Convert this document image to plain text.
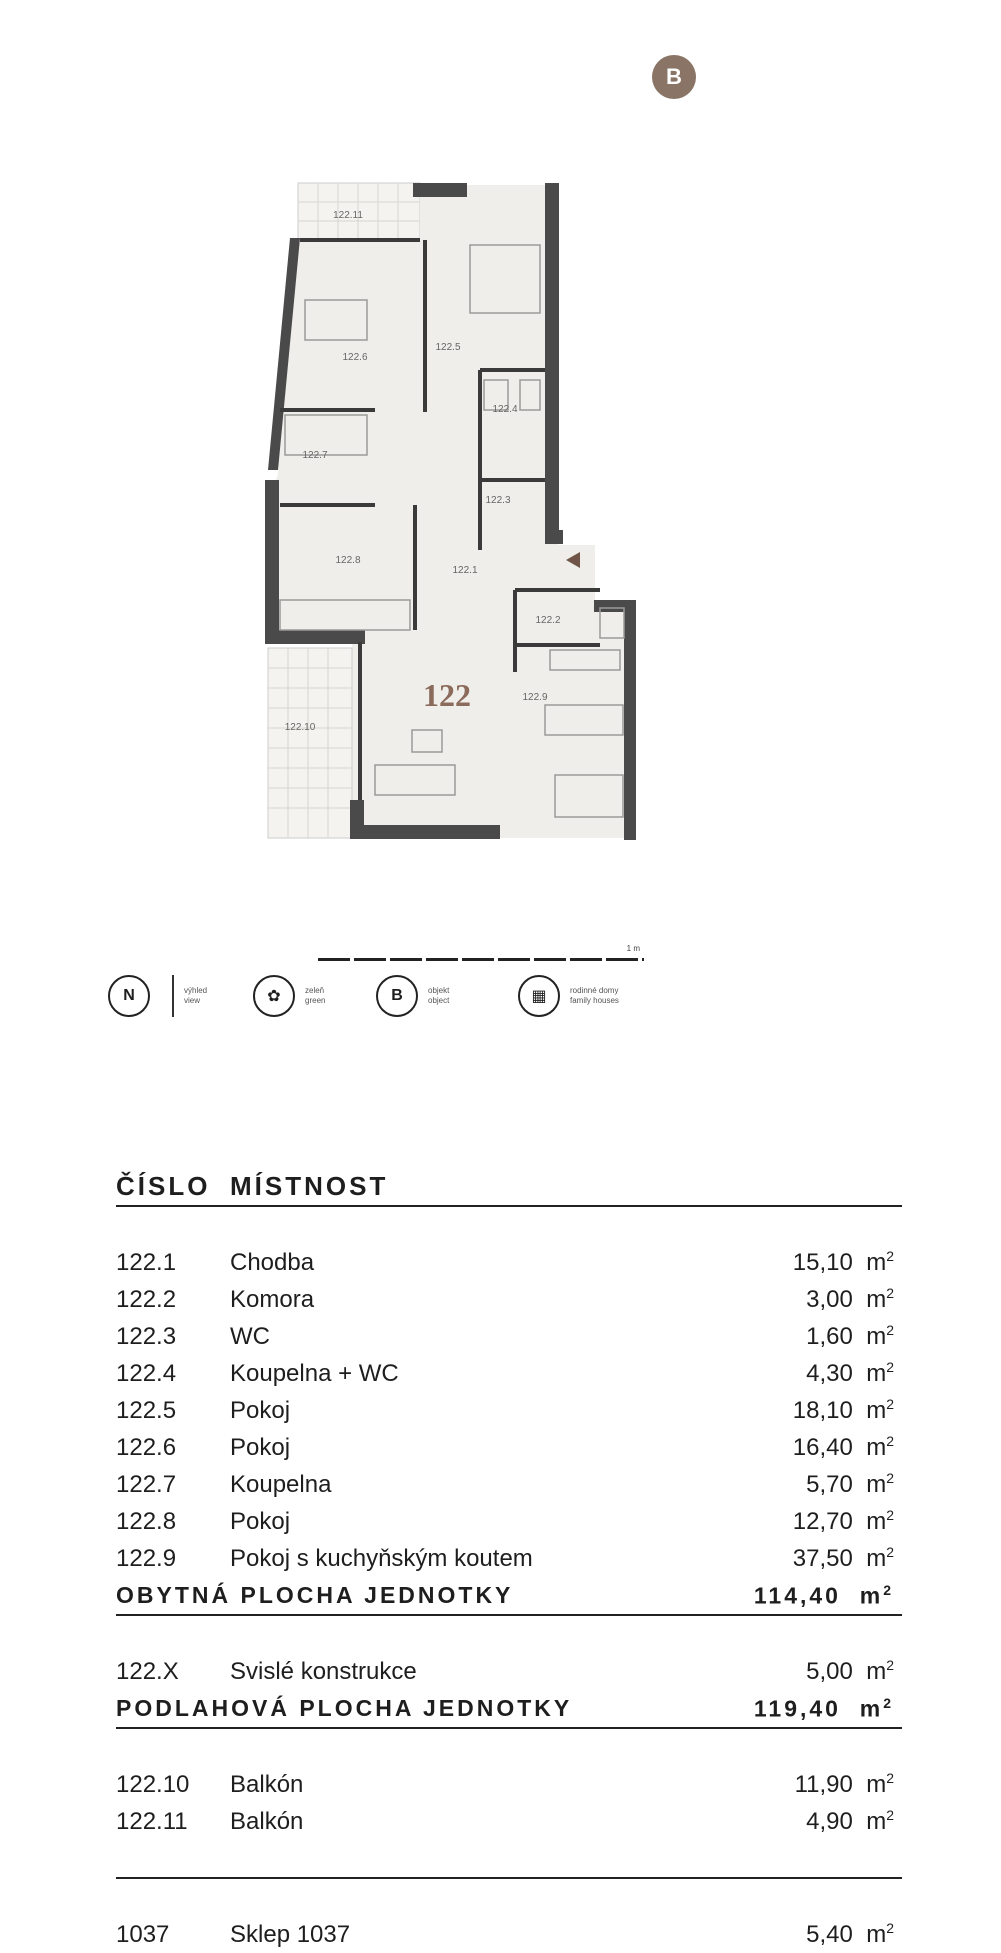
B
122.11
122.6
122.5
122.4
122.7
122.3
122.8
122.1
122.2
122.10
122.9
122
1 m
N	výhled
view	✿	zeleň
green	B	objekt
object	▦	rodinné domy
family houses
ČÍSLO	MÍSTNOST	

122.1	Chodba	15,10 $m^2$
122.2	Komora	3,00 $m^2$
122.3	WC	1,60 $m^2$
122.4	Koupelna + WC	4,30 $m^2$
122.5	Pokoj	18,10 $m^2$
122.6	Pokoj	16,40 $m^2$
122.7	Koupelna	5,70 $m^2$
122.8	Pokoj	12,70 $m^2$
122.9	Pokoj s kuchyňským koutem	37,50 $m^2$
OBYTNÁ PLOCHA JEDNOTKY		114,40 $m^2$

122.X	Svislé konstrukce	5,00 $m^2$
PODLAHOVÁ PLOCHA JEDNOTKY		119,40 $m^2$

122.10	Balkón	11,90 $m^2$
122.11	Balkón	4,90 $m^2$

1037	Sklep 1037	5,40 $m^2$
